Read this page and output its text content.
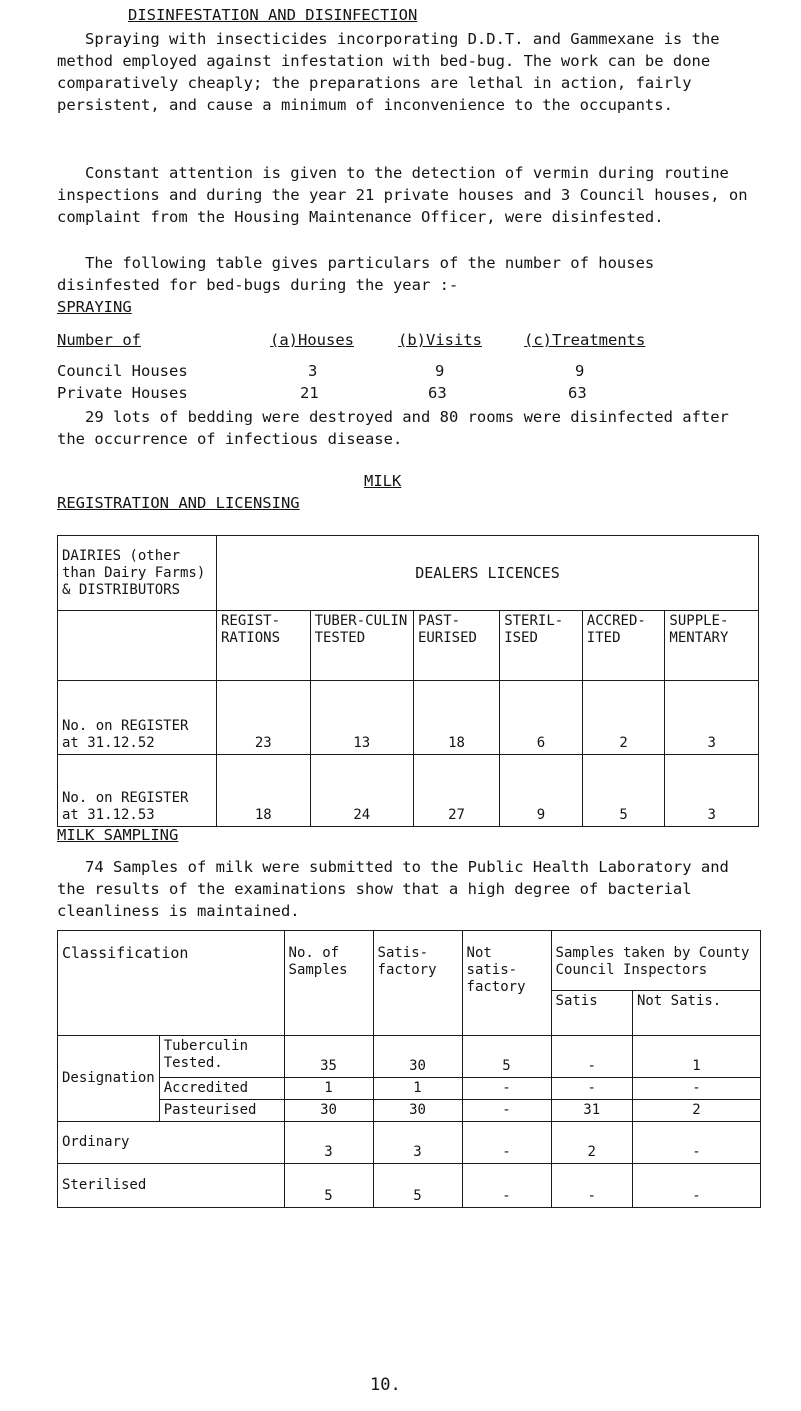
DISINFESTATION AND DISINFECTION
Spraying with insecticides incorporating D.D.T. and Gammexane is the method employed against infestation with bed-bug. The work can be done comparatively cheaply; the preparations are lethal in action, fairly persistent, and cause a minimum of inconvenience to the occupants.
Constant attention is given to the detection of vermin during routine inspections and during the year 21 private houses and 3 Council houses, on complaint from the Housing Maintenance Officer, were disinfested.
The following table gives particulars of the number of houses disinfested for bed-bugs during the year :-
SPRAYING
Number of	(a)Houses	(b)Visits	(c)Treatments
Council Houses	3	9	9
Private Houses	21	63	63
29 lots of bedding were destroyed and 80 rooms were disinfected after the occurrence of infectious disease.
MILK
REGISTRATION AND LICENSING
DAIRIES (other than Dairy Farms) & DISTRIBUTORS	DEALERS LICENCES					
	REGIST-RATIONS	TUBER-CULIN TESTED	PAST-EURISED	STERIL-ISED	ACCRED-ITED	SUPPLE-MENTARY
No. on REGISTER at 31.12.52	23	13	18	6	2	3
No. on REGISTER at 31.12.53	18	24	27	9	5	3
MILK SAMPLING
74 Samples of milk were submitted to the Public Health Laboratory and the results of the examinations show that a high degree of bacterial cleanliness is maintained.
Classification		No. of Samples	Satis-factory	Not satis-factory	Samples taken by County Council Inspectors	
					Satis	Not Satis.
Designation	Tuberculin Tested.	35	30	5	-	1
	Accredited	1	1	-	-	-
	Pasteurised	30	30	-	31	2
Ordinary		3	3	-	2	-
Sterilised		5	5	-	-	-
10.
